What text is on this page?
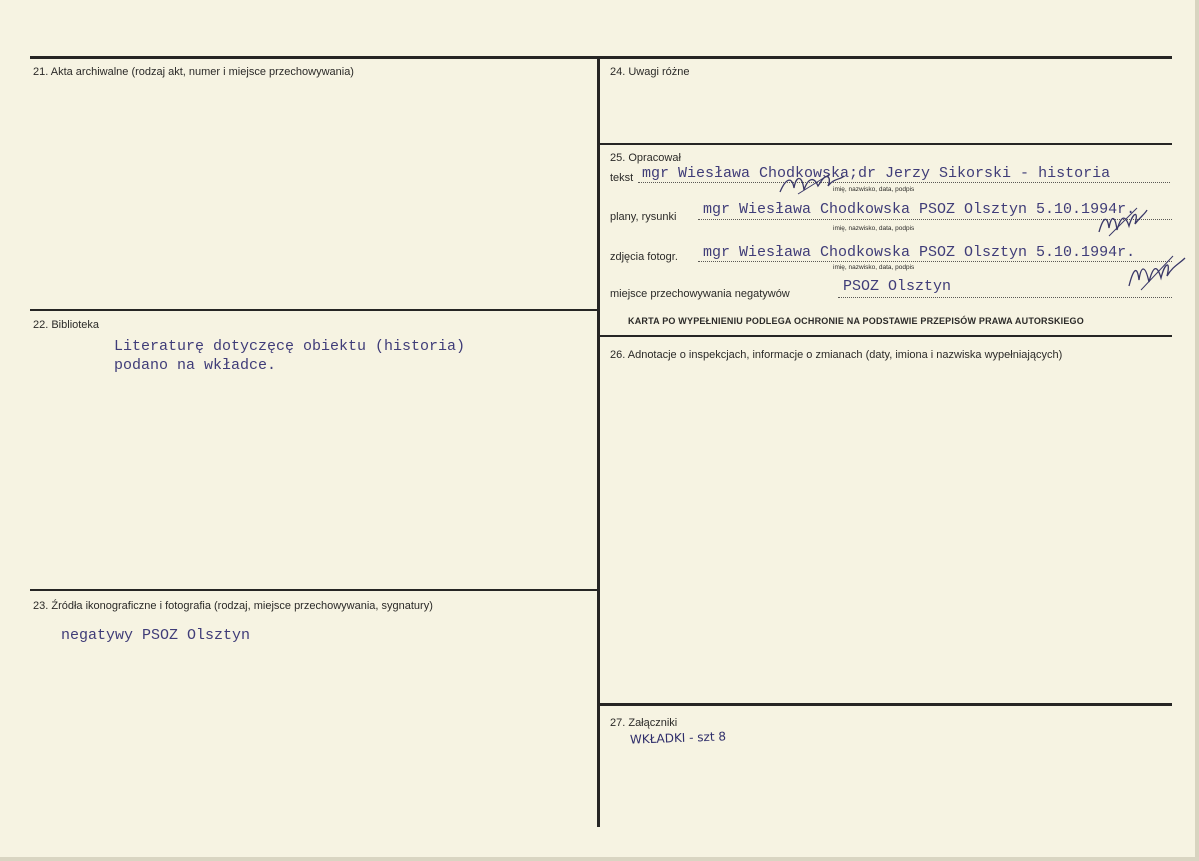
21. Akta archiwalne (rodzaj akt, numer i miejsce przechowywania)
22. Biblioteka
Literaturę dotyczęcę obiektu (historia)
podano na wkładce.
23. Źródła ikonograficzne i fotografia (rodzaj, miejsce przechowywania, sygnatury)
negatywy PSOZ Olsztyn
24. Uwagi różne
25. Opracował
tekst mgr Wiesława Chodkowska;dr Jerzy Sikorski - historia
imię, nazwisko, data, podpis
plany, rysunki mgr Wiesława Chodkowska PSOZ Olsztyn 5.10.1994r.
imię, nazwisko, data, podpis
zdjęcia fotogr. mgr Wiesława Chodkowska PSOZ Olsztyn 5.10.1994r.
imię, nazwisko, data, podpis
miejsce przechowywania negatywów	PSOZ Olsztyn
KARTA PO WYPEŁNIENIU PODLEGA OCHRONIE NA PODSTAWIE PRZEPISÓW PRAWA AUTORSKIEGO
26. Adnotacje o inspekcjach, informacje o zmianach (daty, imiona i nazwiska wypełniających)
27. Załączniki
WKŁADKI - szt 8
